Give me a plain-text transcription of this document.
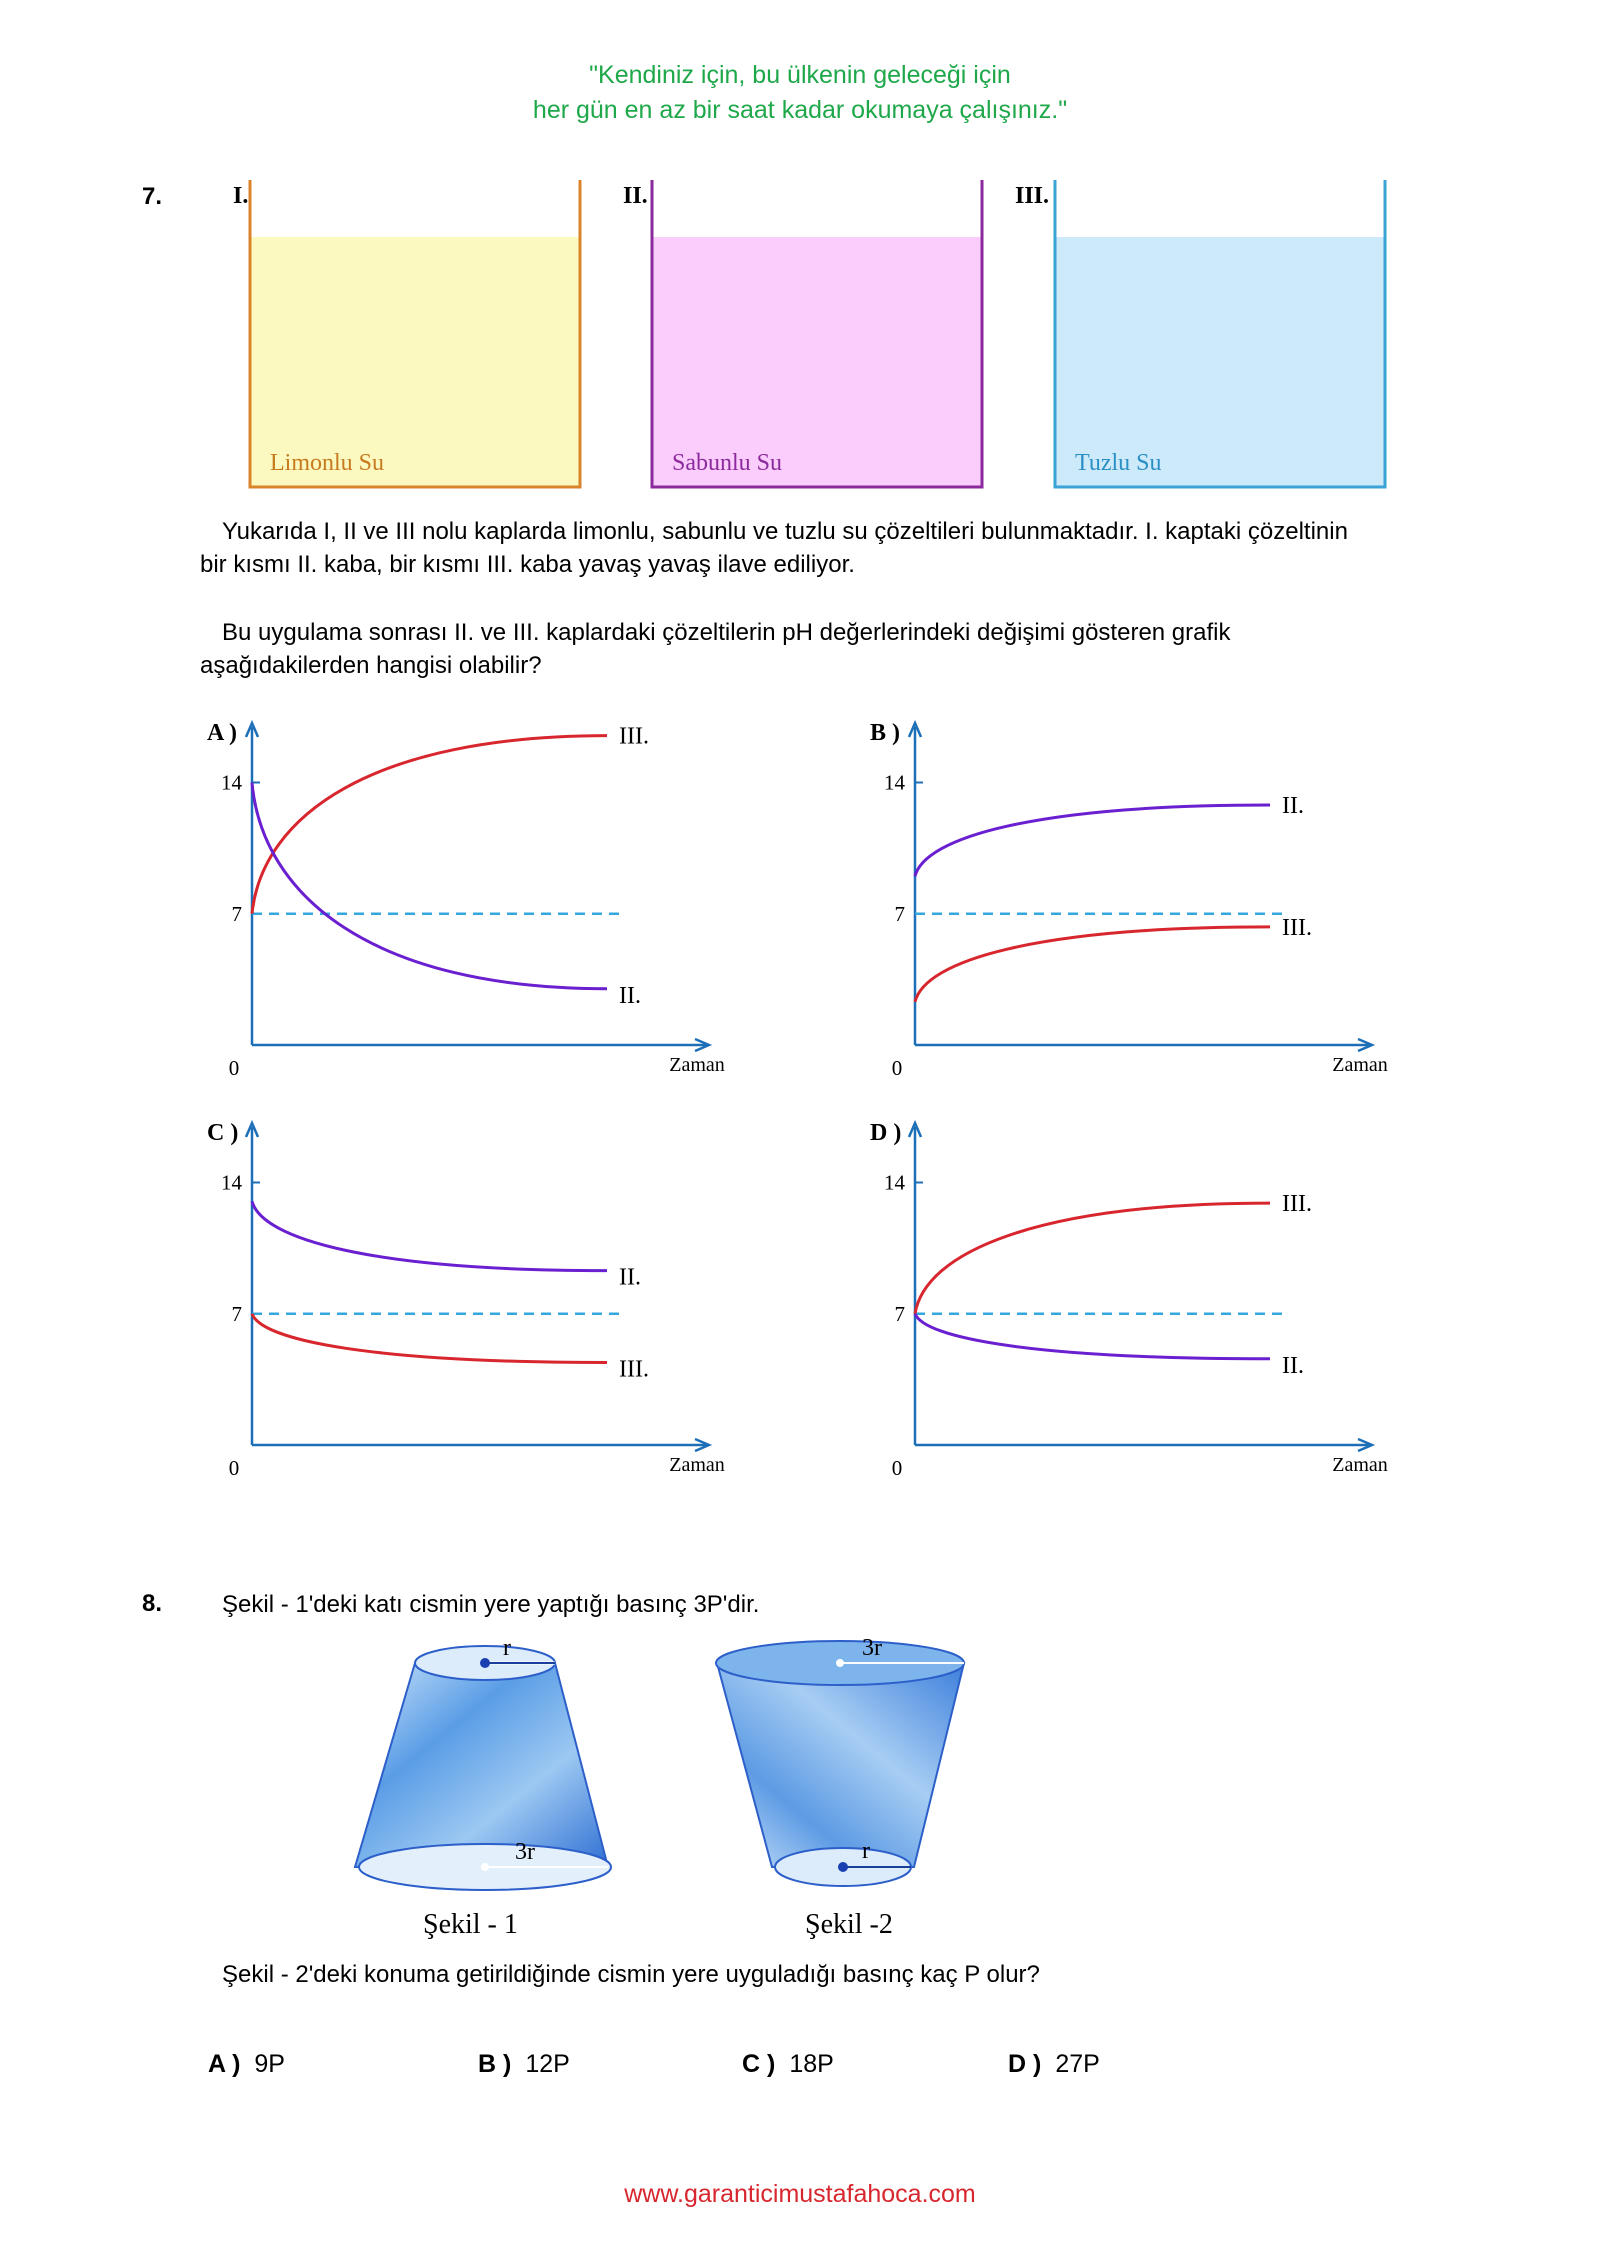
"Kendiniz için, bu ülkenin geleceği için
her gün en az bir saat kadar okumaya çalışınız."
7.	I.
Limonlu Su
II.
Sabunlu Su
III.
Tuzlu Su
Yukarıda I, II ve III nolu kaplarda limonlu, sabunlu ve tuzlu su çözeltileri bulunmaktadır. I. kaptaki çözeltinin bir kısmı II. kaba, bir kısmı III. kaba yavaş yavaş ilave ediliyor.
Bu uygulama sonrası II. ve III. kaplardaki çözeltilerin pH değerlerindeki değişimi gösteren grafik aşağıdakilerden hangisi olabilir?
A )
7
14
0	Zaman
III.
II.
B )
7
14
0	Zaman
II.
III.
C )
7
14
0	Zaman
II.
III.
D )
7
14
0	Zaman
III.
II.
8. Şekil - 1'deki katı cismin yere yaptığı basınç 3P'dir.
r
3r
Şekil - 1
3r
r
Şekil -2
Şekil - 2'deki konuma getirildiğinde cismin yere uyguladığı basınç kaç P olur?
A ) 9P	B ) 12P	C ) 18P	D ) 27P
www.garanticimustafahoca.com
